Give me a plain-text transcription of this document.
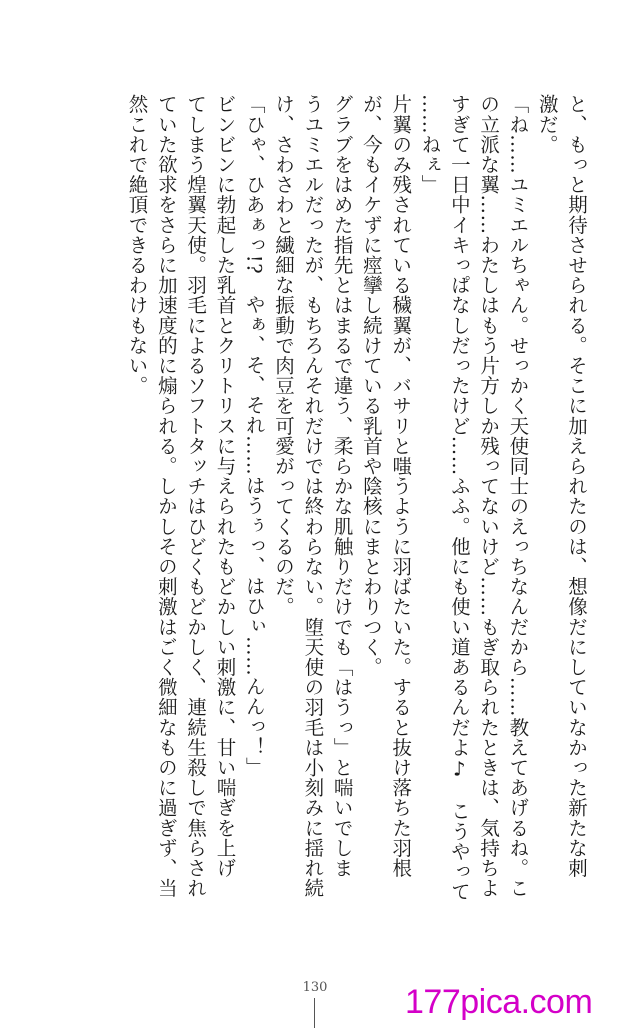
と、もっと期待させられる。そこに加えられたのは、想像だにしていなかった新たな刺

激だ。

「ね……ユミエルちゃん。せっかく天使同士のえっちなんだから……教えてあげるね。こ

の立派な翼……わたしはもう片方しか残ってないけど……もぎ取られたときは、気持ちよ

すぎて一日中イキっぱなしだったけど……ふふ。他にも使い道あるんだよ♪　こうやって

……ねぇ」

片翼のみ残されている穢翼が、バサリと嗤うように羽ばたいた。すると抜け落ちた羽根

が、今もイケずに痙攣し続けている乳首や陰核にまとわりつく。

グラブをはめた指先とはまるで違う、柔らかな肌触りだけでも「はうっ」と喘いでしま

うユミエルだったが、もちろんそれだけでは終わらない。堕天使の羽毛は小刻みに揺れ続

け、さわさわと繊細な振動で肉豆を可愛がってくるのだ。

「ひゃ、ひあぁっ!?　やぁ、そ、それ……はうぅっ、はひぃ……んんっ！」

ビンビンに勃起した乳首とクリトリスに与えられたもどかしい刺激に、甘い喘ぎを上げ

てしまう煌翼天使。羽毛によるソフトタッチはひどくもどかしく、連続生殺しで焦らされ

ていた欲求をさらに加速度的に煽られる。しかしその刺激はごく微細なものに過ぎず、当

然これで絶頂できるわけもない。

130 177pica.com
